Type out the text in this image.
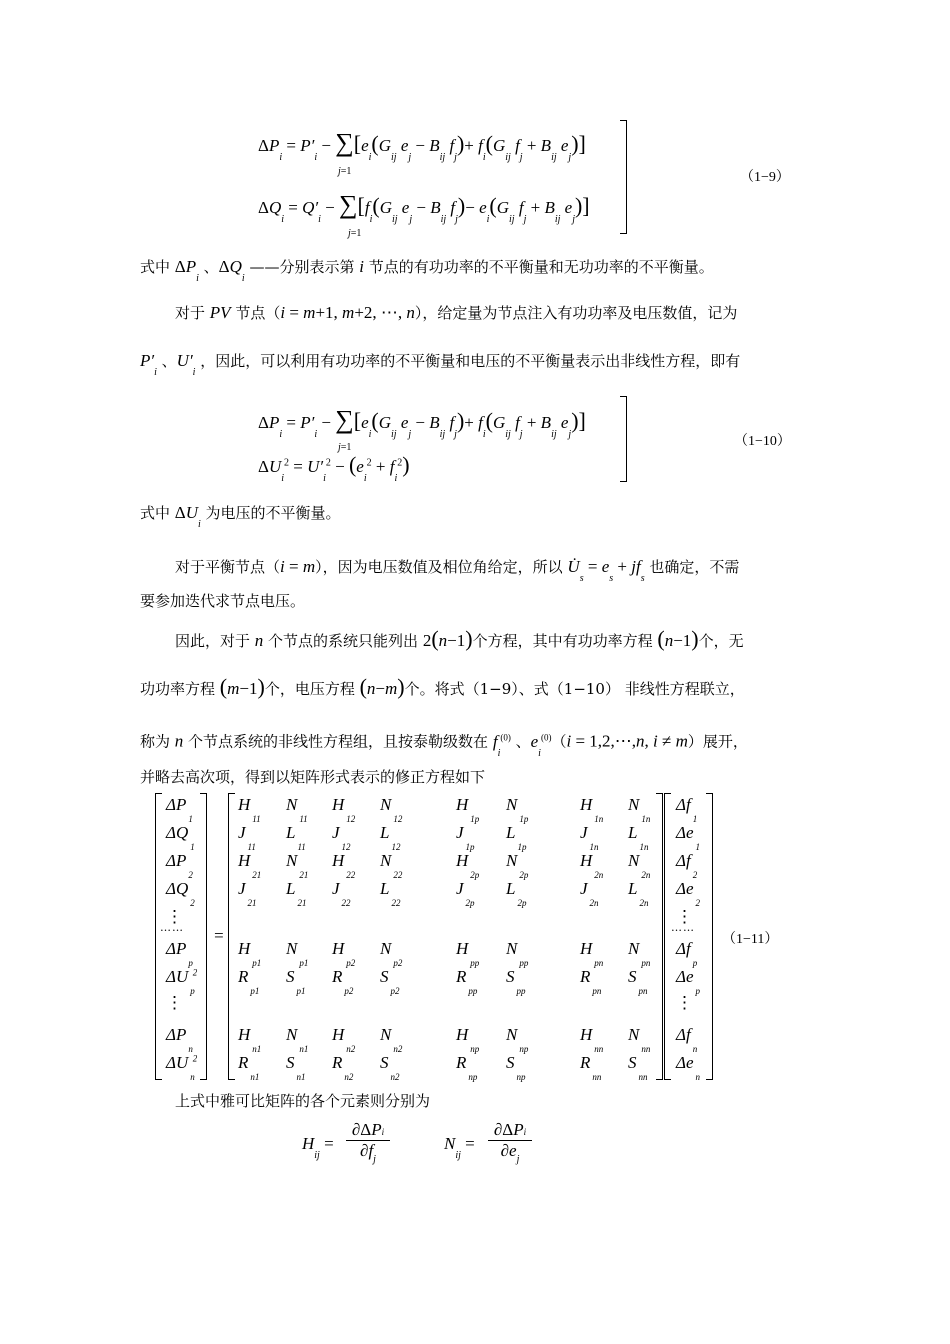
$\Delta P_i = P'_i - \sum[e_i(G_{ij}$ $e_j - B_{ij}$ $f_j)+ f_i(G_{ij}$ $f_j + B_{ij}$ $e_j$)]
j=1
$\Delta Q_i = Q'_i - \sum[f_i(G_{ij}$ $e_j - B_{ij}$ $f_j)- e_i(G_{ij}$ $f_j + B_{ij}$ $e_j$)]
j=1
（1−9）
式中 $\Delta P_i$ 、$\Delta Q_i$ ——分别表示第 i 节点的有功功率的不平衡量和无功功率的不平衡量。
对于 PV 节点（i = m+1, m+2, ⋯, n），给定量为节点注入有功功率及电压数值，记为
$P'_i$ 、$U'_i$ ，因此，可以利用有功功率的不平衡量和电压的不平衡量表示出非线性方程，即有
$\Delta P_i = P'_i - \sum[e_i(G_{ij}$ $e_j - B_{ij}$ $f_j)+ f_i(G_{ij}$ $f_j + B_{ij}$ $e_j$)]
j=1
$\Delta U_i^2 = U'_i^2 - (e_i^2 + f_i^2)$
（1−10）
式中 $\Delta U_i$ 为电压的不平衡量。
对于平衡节点（i = m），因为电压数值及相位角给定，所以 $U̇_s = e_s + jf_s$ 也确定，不需
要参加迭代求节点电压。
因此，对于 n 个节点的系统只能列出 2(n−1)个方程，其中有功功率方程 (n−1)个，无
功功率方程 (m−1)个，电压方程 (n−m)个。将式（1−9）、式（1−10） 非线性方程联立，
称为 n 个节点系统的非线性方程组，且按泰勒级数在 $f_i^{(0)}$ 、$e_i^{(0)}(i$ = 1,2,⋯,n, i ≠ m）展开，
并略去高次项，得到以矩阵形式表示的修正方程如下
（1−11）
上式中雅可比矩阵的各个元素则分别为
$H_{ij}$ =
∂ΔPi
$\partial f_j$
$N_{ij}$ =
∂ΔPi
$\partial e_j$
=
$\Delta P_1$
$\Delta Q_1$
$\Delta P_2$
$\Delta Q_2$
⋮
$\Delta P_p$
$\Delta U_p^2$
⋮
$\Delta P_n$
$\Delta U_n^2$
……
$\Delta f_1$
$\Delta e_1$
$\Delta f_2$
$\Delta e_2$
⋮
$\Delta f_p$
$\Delta e_p$
⋮
$\Delta f_n$
$\Delta e_n$
……
$H_{11}$
$N_{11}$
$H_{12}$
$N_{12}$
$H_{1p}$
$N_{1p}$
$H_{1n}$
$N_{1n}$
$J_{11}$
$L_{11}$
$J_{12}$
$L_{12}$
$J_{1p}$
$L_{1p}$
$J_{1n}$
$L_{1n}$
$H_{21}$
$N_{21}$
$H_{22}$
$N_{22}$
$H_{2p}$
$N_{2p}$
$H_{2n}$
$N_{2n}$
$J_{21}$
$L_{21}$
$J_{22}$
$L_{22}$
$J_{2p}$
$L_{2p}$
$J_{2n}$
$L_{2n}$
$H_{p1}$
$N_{p1}$
$H_{p2}$
$N_{p2}$
$H_{pp}$
$N_{pp}$
$H_{pn}$
$N_{pn}$
$R_{p1}$
$S_{p1}$
$R_{p2}$
$S_{p2}$
$R_{pp}$
$S_{pp}$
$R_{pn}$
$S_{pn}$
$H_{n1}$
$N_{n1}$
$H_{n2}$
$N_{n2}$
$H_{np}$
$N_{np}$
$H_{nn}$
$N_{nn}$
$R_{n1}$
$S_{n1}$
$R_{n2}$
$S_{n2}$
$R_{np}$
$S_{np}$
$R_{nn}$
$S_{nn}$
